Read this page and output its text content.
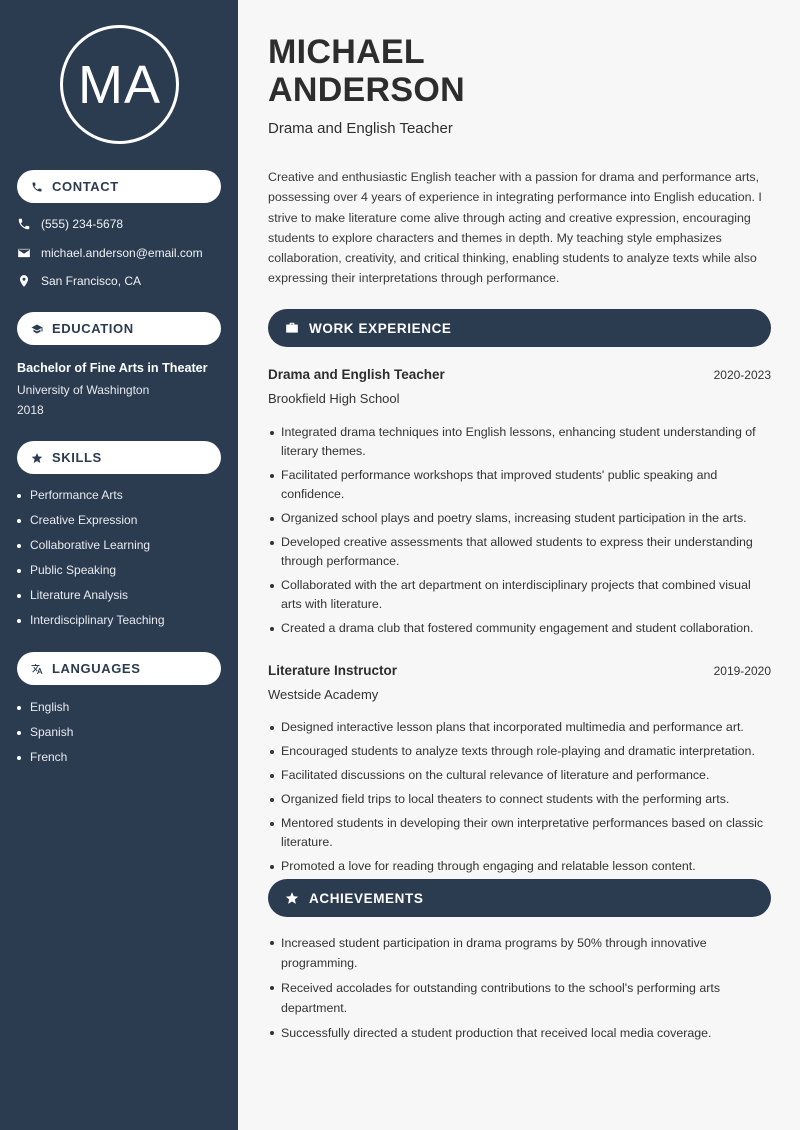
MA
CONTACT
(555) 234-5678
michael.anderson@email.com
San Francisco, CA
EDUCATION
Bachelor of Fine Arts in Theater
University of Washington
2018
SKILLS
Performance Arts
Creative Expression
Collaborative Learning
Public Speaking
Literature Analysis
Interdisciplinary Teaching
LANGUAGES
English
Spanish
French
MICHAEL
ANDERSON
Drama and English Teacher

Creative and enthusiastic English teacher with a passion for drama and performance arts, possessing over 4 years of experience in integrating performance into English education. I strive to make literature come alive through acting and creative expression, encouraging students to explore characters and themes in depth. My teaching style emphasizes collaboration, creativity, and critical thinking, enabling students to analyze texts while also expressing their interpretations through performance.

WORK EXPERIENCE
Drama and English Teacher	2020-2023
Brookfield High School
Integrated drama techniques into English lessons, enhancing student understanding of literary themes.
Facilitated performance workshops that improved students' public speaking and confidence.
Organized school plays and poetry slams, increasing student participation in the arts.
Developed creative assessments that allowed students to express their understanding through performance.
Collaborated with the art department on interdisciplinary projects that combined visual arts with literature.
Created a drama club that fostered community engagement and student collaboration.
Literature Instructor	2019-2020
Westside Academy
Designed interactive lesson plans that incorporated multimedia and performance art.
Encouraged students to analyze texts through role-playing and dramatic interpretation.
Facilitated discussions on the cultural relevance of literature and performance.
Organized field trips to local theaters to connect students with the performing arts.
Mentored students in developing their own interpretative performances based on classic literature.
Promoted a love for reading through engaging and relatable lesson content.
ACHIEVEMENTS
Increased student participation in drama programs by 50% through innovative programming.
Received accolades for outstanding contributions to the school's performing arts department.
Successfully directed a student production that received local media coverage.
